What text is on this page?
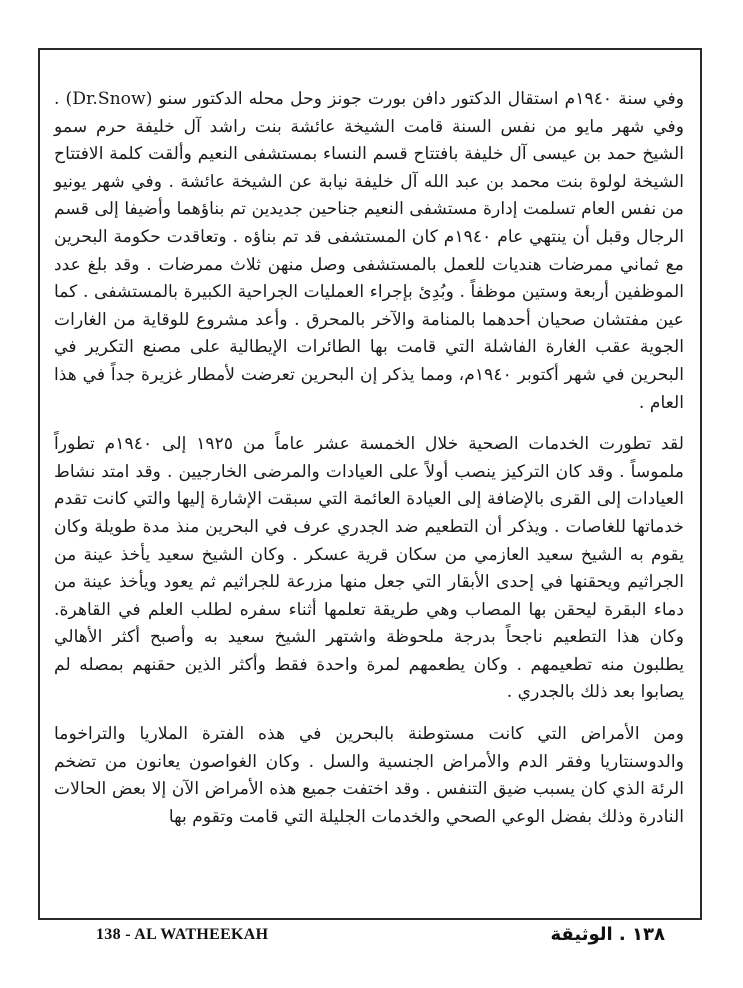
وفي سنة ١٩٤٠م استقال الدكتور دافن بورت جونز وحل محله الدكتور سنو (Dr.Snow) . وفي شهر مايو من نفس السنة قامت الشيخة عائشة بنت راشد آل خليفة حرم سمو الشيخ حمد بن عيسى آل خليفة بافتتاح قسم النساء بمستشفى النعيم وألقت كلمة الافتتاح الشيخة لولوة بنت محمد بن عبد الله آل خليفة نيابة عن الشيخة عائشة . وفي شهر يونيو من نفس العام تسلمت إدارة مستشفى النعيم جناحين جديدين تم بناؤهما وأضيفا إلى قسم الرجال وقبل أن ينتهي عام ١٩٤٠م كان المستشفى قد تم بناؤه . وتعاقدت حكومة البحرين مع ثماني ممرضات هنديات للعمل بالمستشفى وصل منهن ثلاث ممرضات . وقد بلغ عدد الموظفين أربعة وستين موظفاً . وبُدِئ بإجراء العمليات الجراحية الكبيرة بالمستشفى . كما عين مفتشان صحيان أحدهما بالمنامة والآخر بالمحرق . وأعد مشروع للوقاية من الغارات الجوية عقب الغارة الفاشلة التي قامت بها الطائرات الإيطالية على مصنع التكرير في البحرين في شهر أكتوبر ١٩٤٠م، ومما يذكر إن البحرين تعرضت لأمطار غزيرة جداً في هذا العام .

لقد تطورت الخدمات الصحية خلال الخمسة عشر عاماً من ١٩٢٥ إلى ١٩٤٠م تطوراً ملموساً . وقد كان التركيز ينصب أولاً على العيادات والمرضى الخارجيين . وقد امتد نشاط العيادات إلى القرى بالإضافة إلى العيادة العائمة التي سبقت الإشارة إليها والتي كانت تقدم خدماتها للغاصات . ويذكر أن التطعيم ضد الجدري عرف في البحرين منذ مدة طويلة وكان يقوم به الشيخ سعيد العازمي من سكان قرية عسكر . وكان الشيخ سعيد يأخذ عينة من الجراثيم ويحقنها في إحدى الأبقار التي جعل منها مزرعة للجراثيم ثم يعود ويأخذ عينة من دماء البقرة ليحقن بها المصاب وهي طريقة تعلمها أثناء سفره لطلب العلم في القاهرة. وكان هذا التطعيم ناجحاً بدرجة ملحوظة واشتهر الشيخ سعيد به وأصبح أكثر الأهالي يطلبون منه تطعيمهم . وكان يطعمهم لمرة واحدة فقط وأكثر الذين حقنهم بمصله لم يصابوا بعد ذلك بالجدري .

ومن الأمراض التي كانت مستوطنة بالبحرين في هذه الفترة الملاريا والتراخوما والدوسنتاريا وفقر الدم والأمراض الجنسية والسل . وكان الغواصون يعانون من تضخم الرئة الذي كان يسبب ضيق التنفس . وقد اختفت جميع هذه الأمراض الآن إلا بعض الحالات النادرة وذلك بفضل الوعي الصحي والخدمات الجليلة التي قامت وتقوم بها

138 - AL WATHEEKAH	١٣٨ . الوثيقة
